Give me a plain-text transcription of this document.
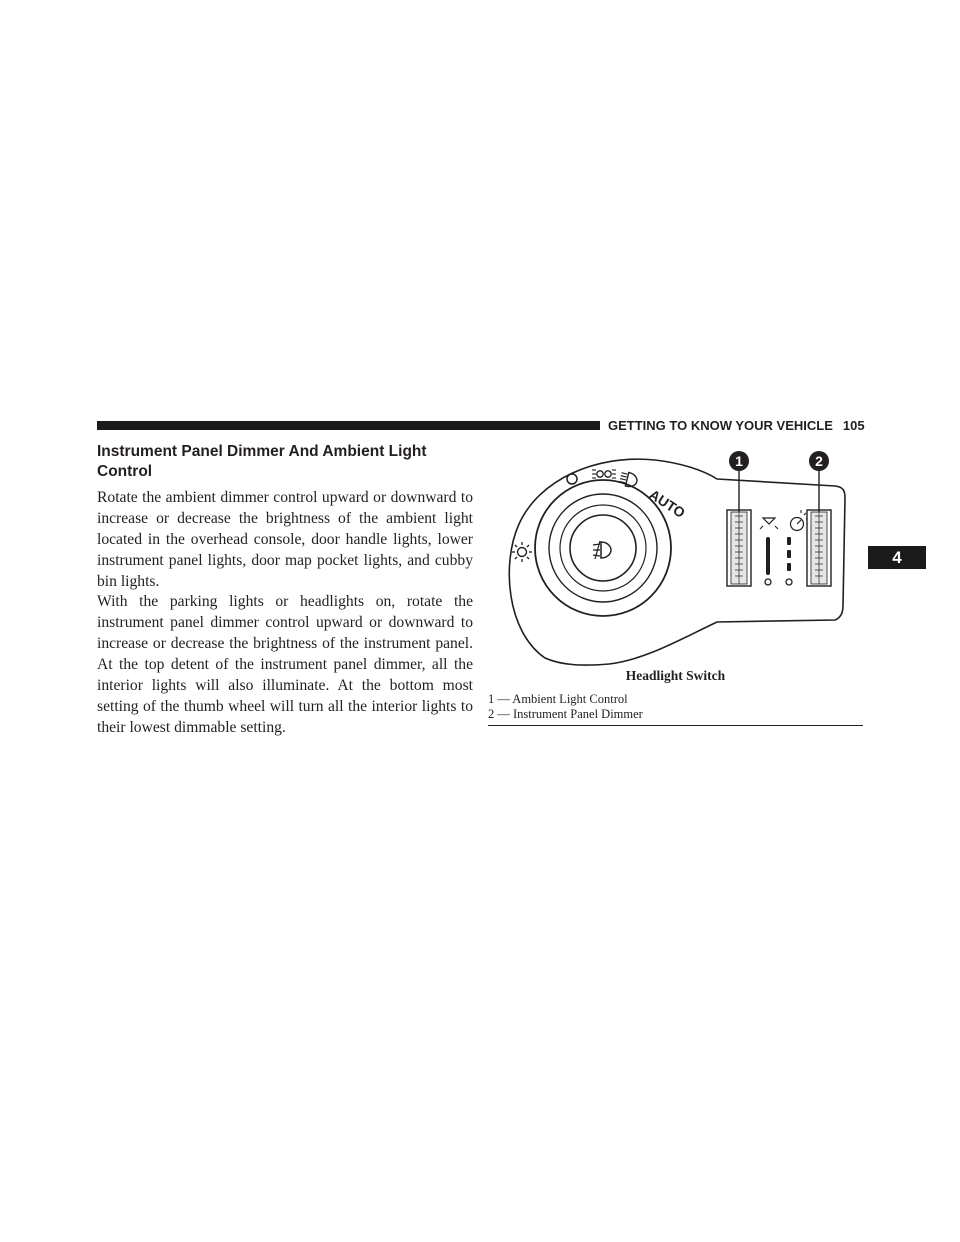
GETTING TO KNOW YOUR VEHICLE 105
4
Instrument Panel Dimmer And Ambient Light Control

Rotate the ambient dimmer control upward or downward to increase or decrease the brightness of the ambient light located in the overhead console, door handle lights, lower instrument panel lights, door map pocket lights, and cubby bin lights.

With the parking lights or headlights on, rotate the instrument panel dimmer control upward or downward to increase or decrease the brightness of the instrument panel. At the top detent of the instrument panel dimmer, all the interior lights will also illuminate. At the bottom most setting of the thumb wheel will turn all the interior lights to their lowest dimmable setting.

AUTO
1	2
Headlight Switch
1 — Ambient Light Control
2 — Instrument Panel Dimmer
